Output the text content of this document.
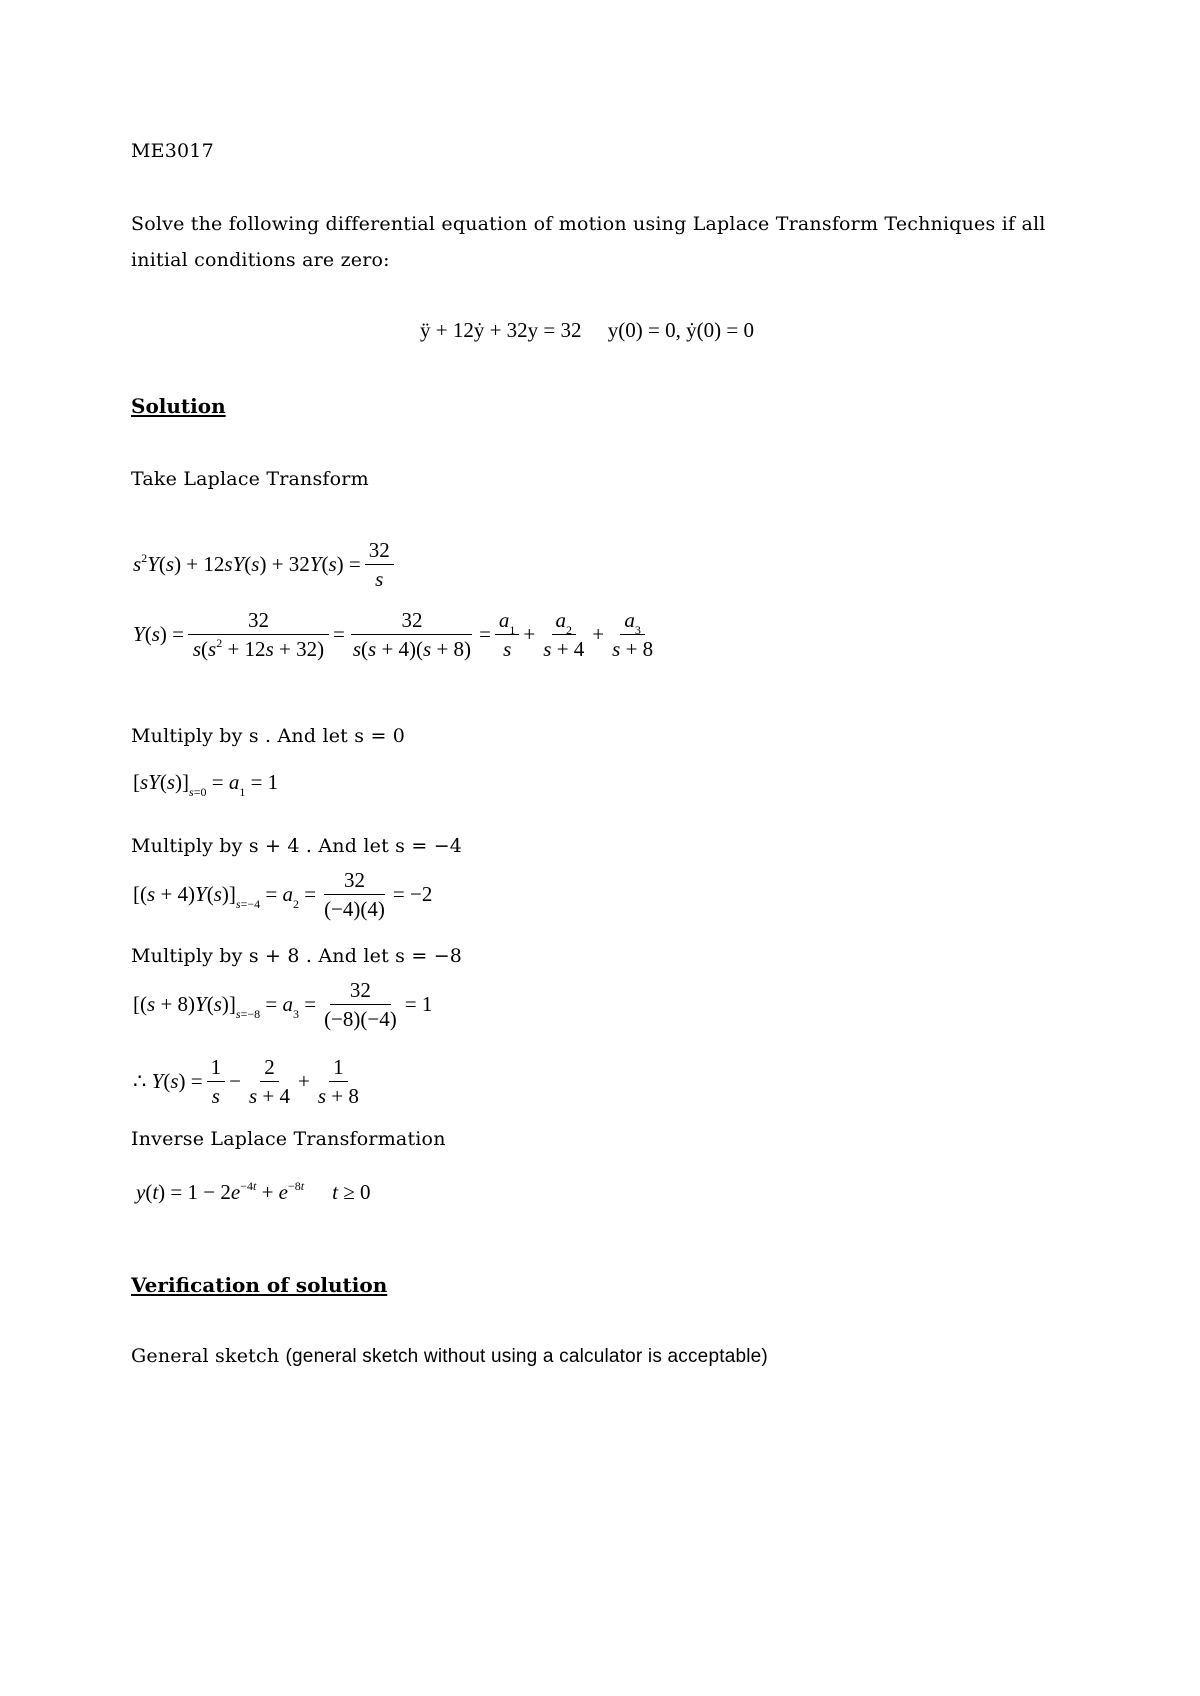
ME3017
Solve the following differential equation of motion using Laplace Transform Techniques if all
initial conditions are zero:
ÿ + 12ẏ + 32y = 32     y(0) = 0, ẏ(0) = 0
Solution
Take Laplace Transform
$s^2Y(s) + 12sY(s) + 32Y(s) = \frac{32}{s}$
$Y(s) = \frac{32}{s(s^2 + 12s + 32)} = \frac{32}{s(s + 4)(s + 8)} = \frac{a_1}{s} + \frac{a_2}{s + 4} + \frac{a_3}{s + 8}$
Multiply by s . And let s = 0
$[sY(s)]_{s=0} = a_1 = 1$
Multiply by s + 4 . And let s = −4
$[(s + 4)Y(s)]_{s=-4} = a_2 = \frac{32}{(-4)(4)} = -2$
Multiply by s + 8 . And let s = −8
$[(s + 8)Y(s)]_{s=-8} = a_3 = \frac{32}{(-8)(-4)} = 1$
∴ $Y(s) = \frac{1}{s} - \frac{2}{s + 4} + \frac{1}{s + 8}$
Inverse Laplace Transformation
$y(t) = 1 - 2e^{-4t} + e^{-8t}$ t ≥ 0
Verification of solution
General sketch (general sketch without using a calculator is acceptable)
